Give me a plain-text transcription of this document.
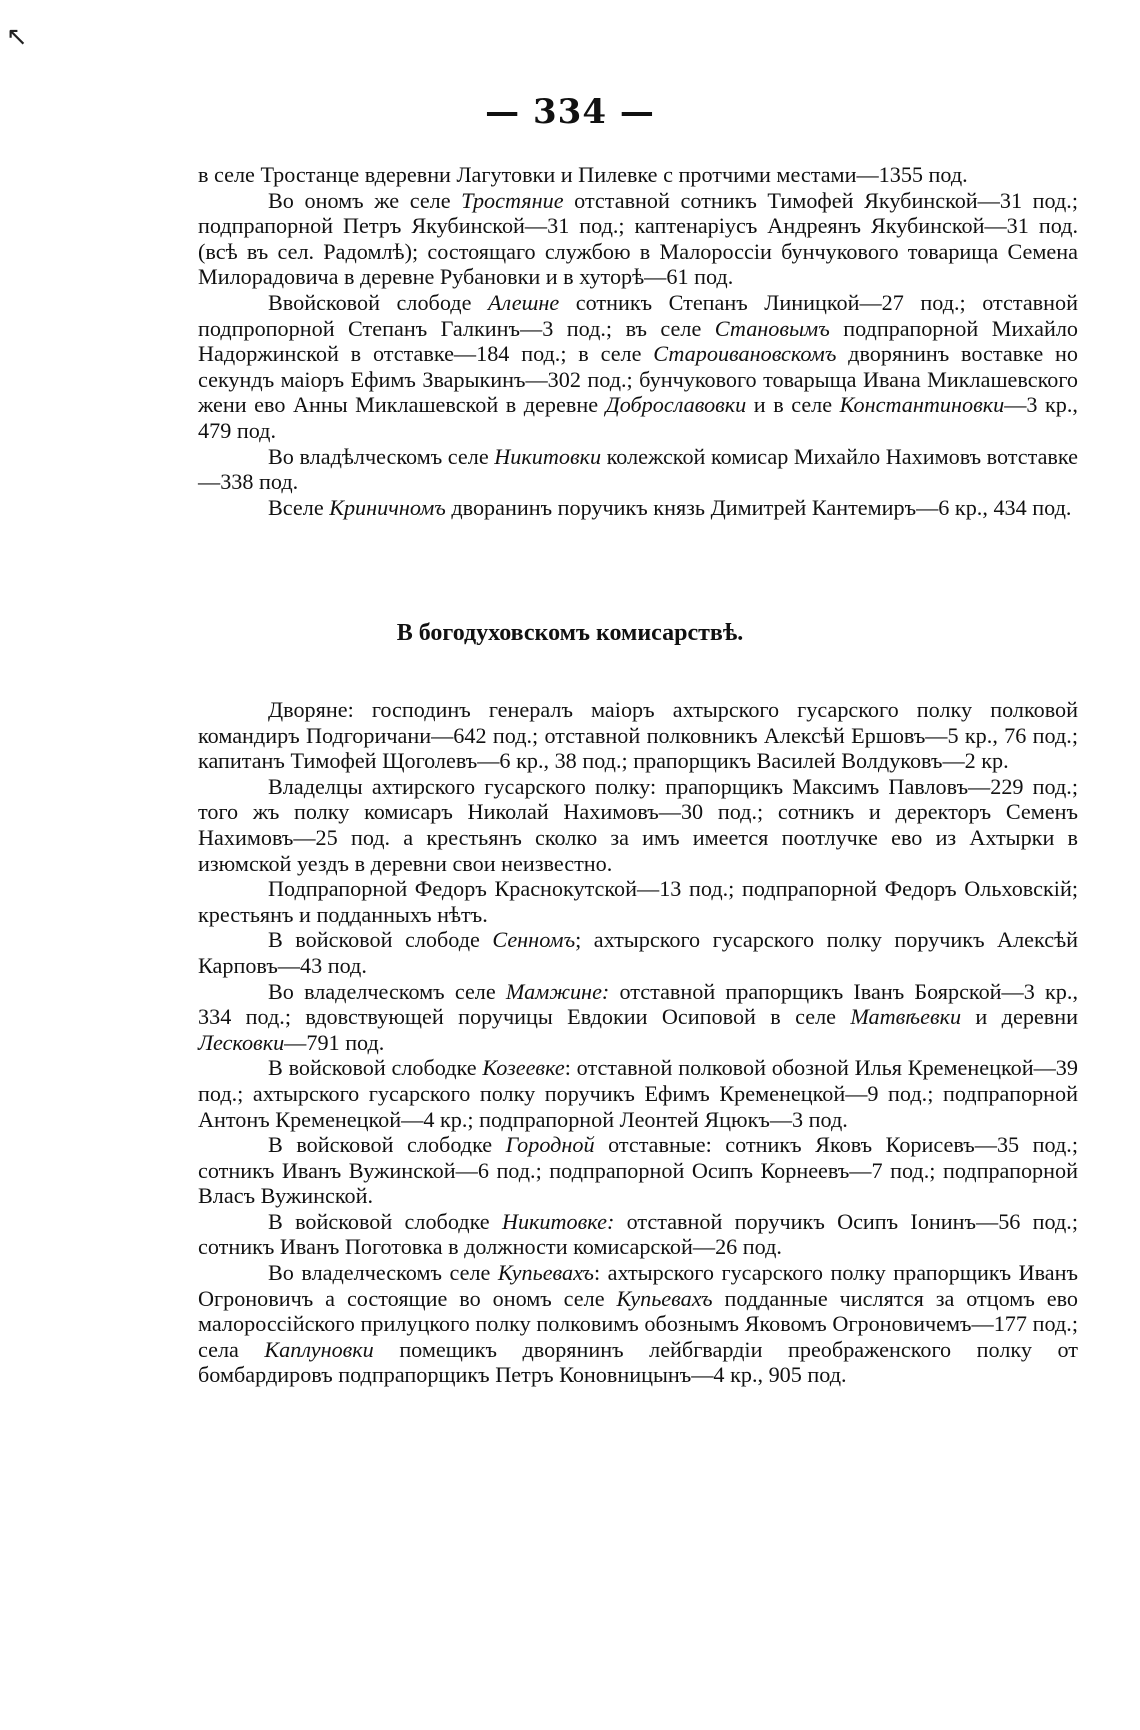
↖
— 334 —

в селе Тростанце вдеревни Лагутовки и Пилевке с протчими местами—1355 под.

Во ономъ же селе Тростяние отставной сотникъ Тимофей Якубинской—31 под.; подпрапорной Петръ Якубинской—31 под.; каптенаріусъ Андреянъ Якубинской—31 под. (всѣ въ сел. Радомлѣ); состоящаго службою в Малороссіи бунчукового товарища Семена Милорадовича в деревне Рубановки и в хуторѣ—61 под.

Ввойсковой слободе Алешне сотникъ Степанъ Линицкой—27 под.; отставной подпропорной Степанъ Галкинъ—3 под.; въ селе Становымъ подпрапорной Михайло Надоржинской в отставке—184 под.; в селе Староивановскомъ дворянинъ воставке но секундъ маіоръ Ефимъ Зварыкинъ—302 под.; бунчукового товарыща Ивана Миклашевского жени ево Анны Миклашевской в деревне Доброславовки и в селе Константиновки—3 кр., 479 под.

Во владѣлческомъ селе Никитовки колежской комисар Михайло Нахимовъ вотставке—338 под.

Вселе Криничномъ дворанинъ поручикъ князь Димитрей Кантемиръ—6 кр., 434 под.

В богодуховскомъ комисарствѣ.

Дворяне: господинъ генералъ маіоръ ахтырского гусарского полку полковой командиръ Подгоричани—642 под.; отставной полковникъ Алексѣй Ершовъ—5 кр., 76 под.; капитанъ Тимофей Щоголевъ—6 кр., 38 под.; прапорщикъ Василей Волдуковъ—2 кр.

Владелцы ахтирского гусарского полку: прапорщикъ Максимъ Павловъ—229 под.; того жъ полку комисаръ Николай Нахимовъ—30 под.; сотникъ и деректоръ Семенъ Нахимовъ—25 под. а крестьянъ сколко за имъ имеется поотлучке ево из Ахтырки в изюмской уездъ в деревни свои неизвестно.

Подпрапорной Федоръ Краснокутской—13 под.; подпрапорной Федоръ Ольховскій; крестьянъ и подданныхъ нѣтъ.

В войсковой слободе Сенномъ; ахтырского гусарского полку поручикъ Алексѣй Карповъ—43 под.

Во владелческомъ селе Мамжине: отставной прапорщикъ Іванъ Боярской—3 кр., 334 под.; вдовствующей поручицы Евдокии Осиповой в селе Матвѣевки и деревни Лесковки—791 под.

В войсковой слободке Козеевке: отставной полковой обозной Илья Кременецкой—39 под.; ахтырского гусарского полку поручикъ Ефимъ Кременецкой—9 под.; подпрапорной Антонъ Кременецкой—4 кр.; подпрапорной Леонтей Яцюкъ—3 под.

В войсковой слободке Городной отставные: сотникъ Яковъ Корисевъ—35 под.; сотникъ Иванъ Вужинской—6 под.; подпрапорной Осипъ Корнеевъ—7 под.; подпрапорной Власъ Вужинской.

В войсковой слободке Никитовке: отставной поручикъ Осипъ Іонинъ—56 под.; сотникъ Иванъ Поготовка в должности комисарской—26 под.

Во владелческомъ селе Купьевахъ: ахтырского гусарского полку прапорщикъ Иванъ Огроновичъ а состоящие во ономъ селе Купьевахъ подданные числятся за отцомъ ево малороссійского прилуцкого полку полковимъ обознымъ Яковомъ Огроновичемъ—177 под.; села Каплуновки помещикъ дворянинъ лейбгвардіи преображенского полку от бомбардировъ подпрапорщикъ Петръ Коновницынъ—4 кр., 905 под.
